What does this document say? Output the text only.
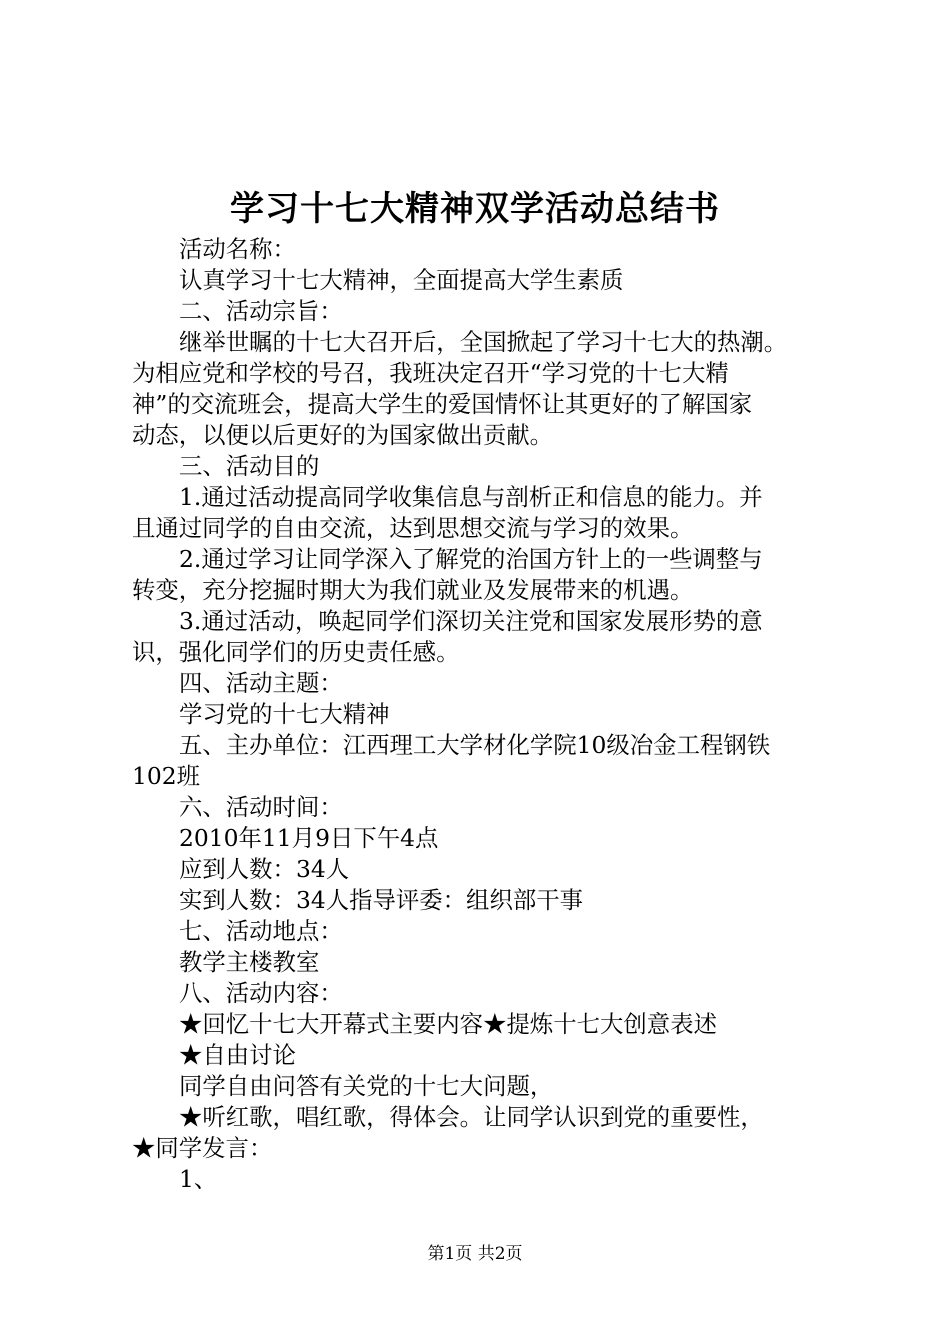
学习十七大精神双学活动总结书
活动名称：
认真学习十七大精神，全面提高大学生素质
二、活动宗旨：
继举世瞩的十七大召开后，全国掀起了学习十七大的热潮。
为相应党和学校的号召，我班决定召开“学习党的十七大精
神”的交流班会，提高大学生的爱国情怀让其更好的了解国家
动态，以便以后更好的为国家做出贡献。
三、活动目的
1.通过活动提高同学收集信息与剖析正和信息的能力。并
且通过同学的自由交流，达到思想交流与学习的效果。
2.通过学习让同学深入了解党的治国方针上的一些调整与
转变，充分挖掘时期大为我们就业及发展带来的机遇。
3.通过活动，唤起同学们深切关注党和国家发展形势的意
识，强化同学们的历史责任感。
四、活动主题：
学习党的十七大精神
五、主办单位：江西理工大学材化学院10级冶金工程钢铁
102班
六、活动时间：
2010年11月9日下午4点
应到人数：34人
实到人数：34人指导评委：组织部干事
七、活动地点：
教学主楼教室
八、活动内容：
★回忆十七大开幕式主要内容★提炼十七大创意表述
★自由讨论
同学自由问答有关党的十七大问题，
★听红歌，唱红歌，得体会。让同学认识到党的重要性，
★同学发言：
1、
第1页 共2页
